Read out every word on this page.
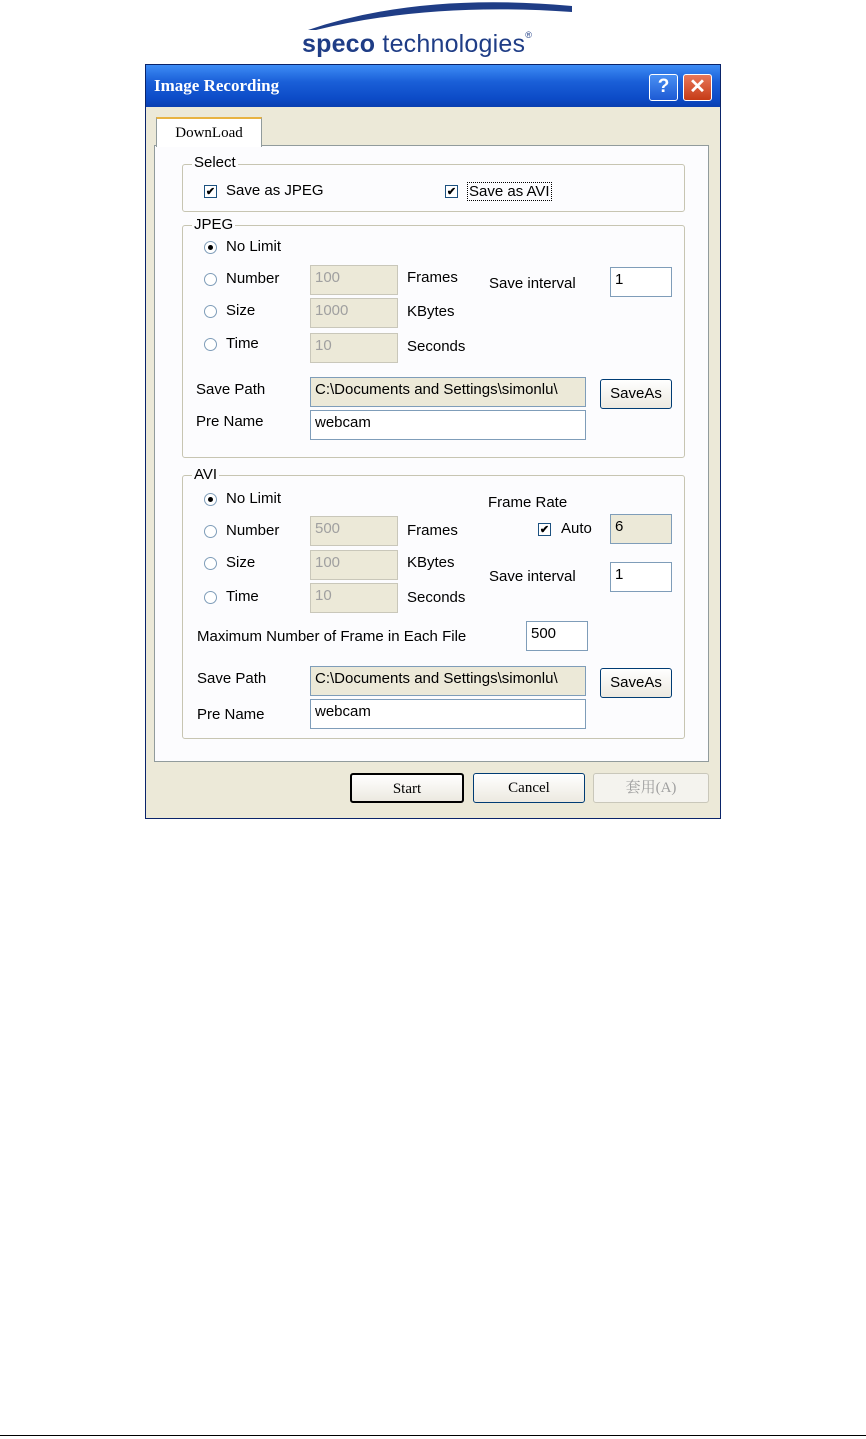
speco technologies®
Image Recording	? ✕
DownLoad
Select
✔
Save as JPEG ✔	Save as AVI
JPEG
No Limit
Number	100	Frames Save interval	1
Size	1000	KBytes
Time	10	Seconds
Save Path	C:\Documents and Settings\simonlu\	SaveAs
Pre Name	webcam
AVI
No Limit	Frame Rate
Number	500	Frames ✔	Auto	6
Size	100	KBytes
Save interval	1
Time	10	Seconds
Maximum Number of Frame in Each File	500
Save Path	C:\Documents and Settings\simonlu\	SaveAs
Pre Name	webcam
Start	Cancel	套用(A)
